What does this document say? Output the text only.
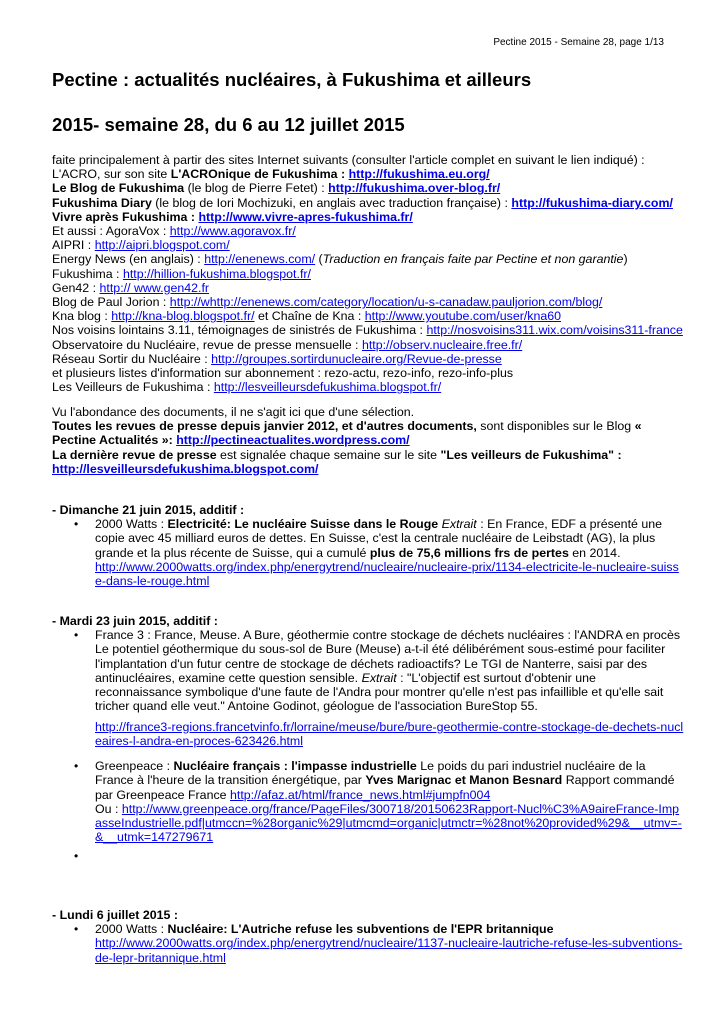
Pectine 2015 - Semaine 28, page 1/13
Pectine : actualités nucléaires, à Fukushima et ailleurs
2015- semaine 28, du 6 au 12 juillet 2015
faite principalement à partir des sites Internet suivants (consulter l'article complet en suivant le lien indiqué) :
L'ACRO, sur son site L'ACROnique de Fukushima : http://fukushima.eu.org/
Le Blog de Fukushima (le blog de Pierre Fetet) : http://fukushima.over-blog.fr/
Fukushima Diary (le blog de Iori Mochizuki, en anglais avec traduction française) : http://fukushima-diary.com/
Vivre après Fukushima : http://www.vivre-apres-fukushima.fr/
Et aussi : AgoraVox : http://www.agoravox.fr/
AIPRI : http://aipri.blogspot.com/
Energy News (en anglais) : http://enenews.com/ (Traduction en français faite par Pectine et non garantie)
Fukushima : http://hillion-fukushima.blogspot.fr/
Gen42 : http:// www.gen42.fr
Blog de Paul Jorion : http://whttp://enenews.com/category/location/u-s-canadaw.pauljorion.com/blog/
Kna blog : http://kna-blog.blogspot.fr/ et Chaîne de Kna : http://www.youtube.com/user/kna60
Nos voisins lointains 3.11, témoignages de sinistrés de Fukushima : http://nosvoisins311.wix.com/voisins311-france
Observatoire du Nucléaire, revue de presse mensuelle : http://observ.nucleaire.free.fr/
Réseau Sortir du Nucléaire : http://groupes.sortirdunucleaire.org/Revue-de-presse
et plusieurs listes d'information sur abonnement : rezo-actu, rezo-info, rezo-info-plus
Les Veilleurs de Fukushima : http://lesveilleursdefukushima.blogspot.fr/
Vu l'abondance des documents, il ne s'agit ici que d'une sélection.
Toutes les revues de presse depuis janvier 2012, et d'autres documents, sont disponibles sur le Blog « Pectine Actualités »: http://pectineactualites.wordpress.com/
La dernière revue de presse est signalée chaque semaine sur le site "Les veilleurs de Fukushima" :
http://lesveilleursdefukushima.blogspot.com/
- Dimanche 21 juin 2015, additif :
• 2000 Watts : Electricité: Le nucléaire Suisse dans le Rouge Extrait : En France, EDF a présenté une copie avec 45 milliard euros de dettes. En Suisse, c'est la centrale nucléaire de Leibstadt (AG), la plus grande et la plus récente de Suisse, qui a cumulé plus de 75,6 millions frs de pertes en 2014.
http://www.2000watts.org/index.php/energytrend/nucleaire/nucleaire-prix/1134-electricite-le-nucleaire-suisse-dans-le-rouge.html
- Mardi 23 juin 2015, additif :
• France 3 : France, Meuse. A Bure, géothermie contre stockage de déchets nucléaires : l'ANDRA en procès Le potentiel géothermique du sous-sol de Bure (Meuse) a-t-il été délibérément sous-estimé pour faciliter l'implantation d'un futur centre de stockage de déchets radioactifs? Le TGI de Nanterre, saisi par des antinucléaires, examine cette question sensible. Extrait : "L'objectif est surtout d'obtenir une reconnaissance symbolique d'une faute de l'Andra pour montrer qu'elle n'est pas infaillible et qu'elle sait tricher quand elle veut." Antoine Godinot, géologue de l'association BureStop 55.
http://france3-regions.francetvinfo.fr/lorraine/meuse/bure/bure-geothermie-contre-stockage-de-dechets-nucleaires-l-andra-en-proces-623426.html
• Greenpeace : Nucléaire français : l'impasse industrielle Le poids du pari industriel nucléaire de la France à l'heure de la transition énergétique, par Yves Marignac et Manon Besnard Rapport commandé par Greenpeace France http://afaz.at/html/france_news.html#jumpfn004
Ou : http://www.greenpeace.org/france/PageFiles/300718/20150623Rapport-Nucl%C3%A9aireFrance-ImpasseIndustrielle.pdf|utmccn=%28organic%29|utmcmd=organic|utmctr=%28not%20provided%29&__utmv=-&__utmk=147279671
•
- Lundi 6 juillet 2015 :
• 2000 Watts : Nucléaire: L'Autriche refuse les subventions de l'EPR britannique
http://www.2000watts.org/index.php/energytrend/nucleaire/1137-nucleaire-lautriche-refuse-les-subventions-de-lepr-britannique.html
